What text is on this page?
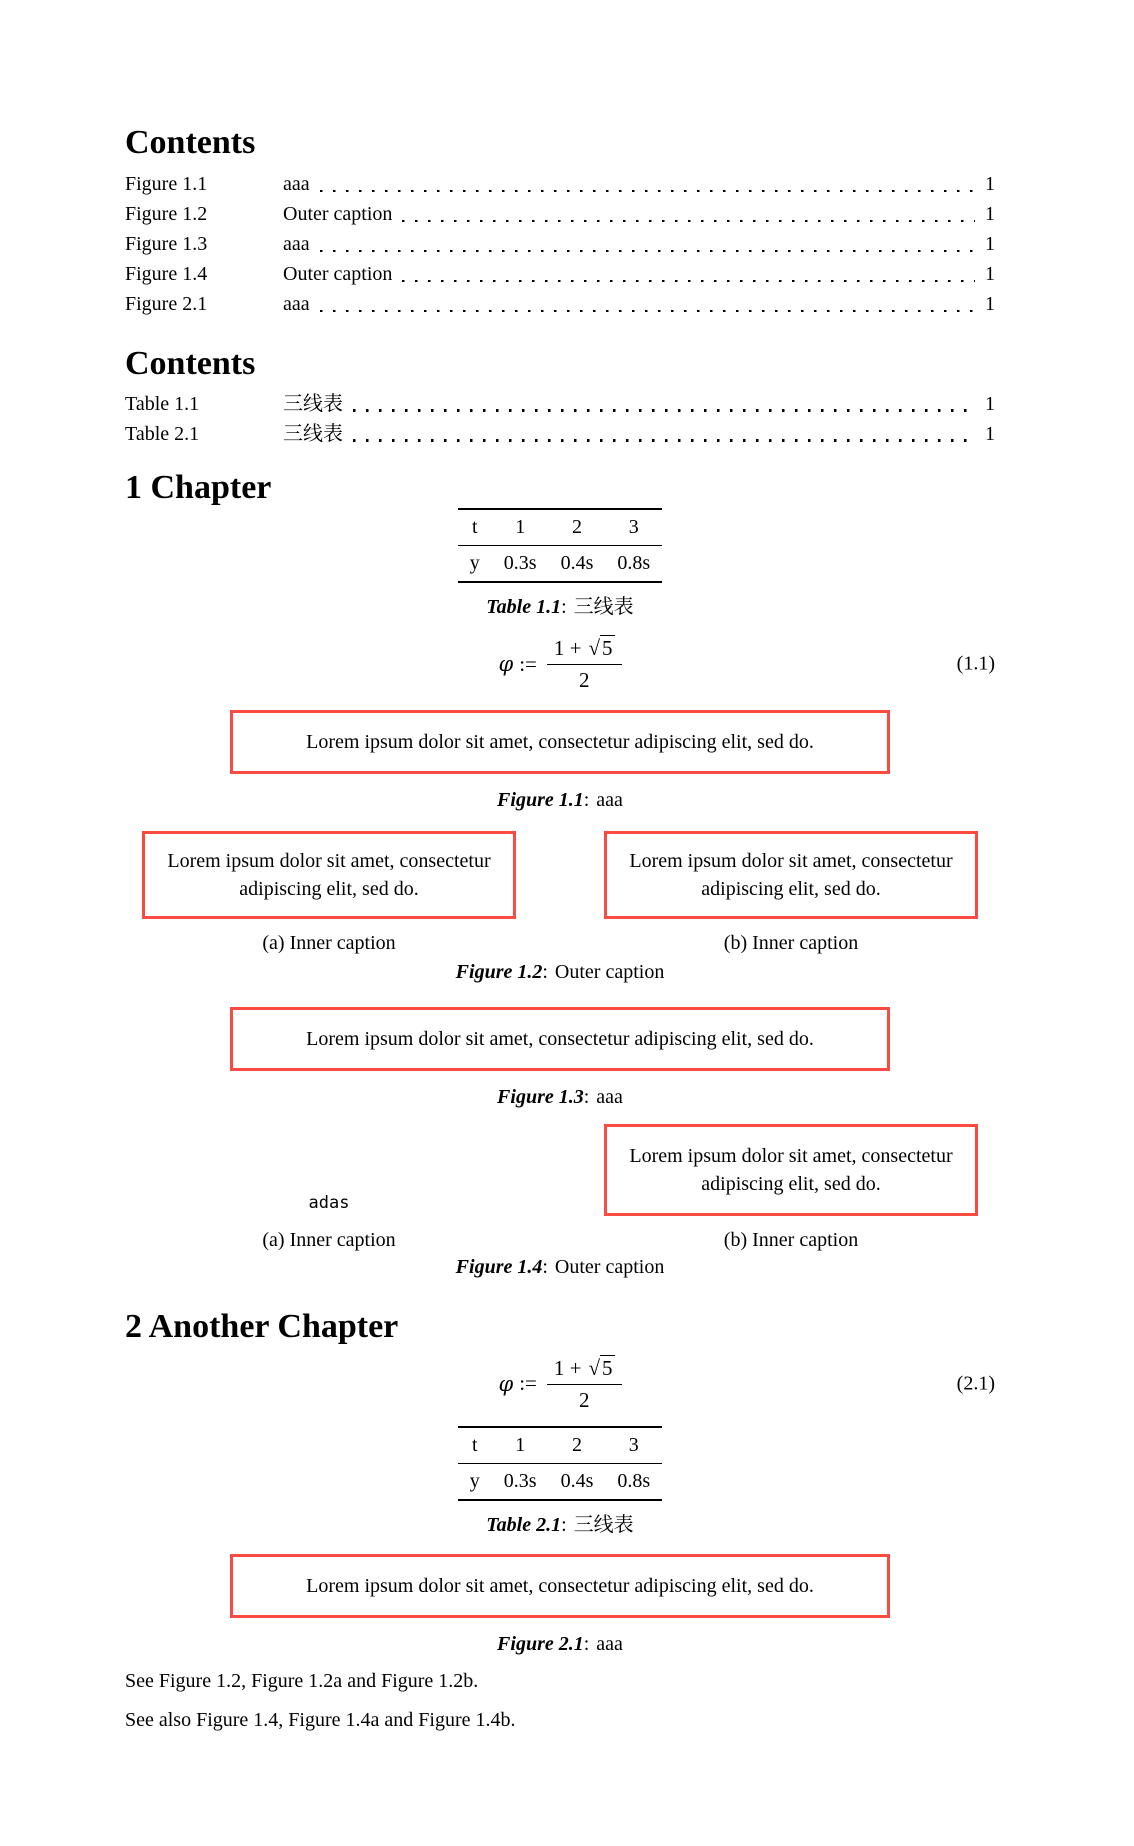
Contents
Figure 1.1	aaa	1
Figure 1.2	Outer caption	1
Figure 1.3	aaa	1
Figure 1.4	Outer caption	1
Figure 2.1	aaa	1
Contents
Table 1.1	三线表	1
Table 2.1	三线表	1
1 Chapter
t	1	2	3
y	0.3s	0.4s	0.8s

Table 1.1: 三线表

φ := $\frac{1 + √5}{2}$	(1.1)
Lorem ipsum dolor sit amet, consectetur adipiscing elit, sed do.
Figure 1.1: aaa
Lorem ipsum dolor sit amet, consectetur adipiscing elit, sed do.
(a) Inner caption
Lorem ipsum dolor sit amet, consectetur adipiscing elit, sed do.
(b) Inner caption
Figure 1.2: Outer caption
Lorem ipsum dolor sit amet, consectetur adipiscing elit, sed do.
Figure 1.3: aaa
adas
(a) Inner caption
Lorem ipsum dolor sit amet, consectetur adipiscing elit, sed do.
(b) Inner caption
Figure 1.4: Outer caption
2 Another Chapter
φ := $\frac{1 + √5}{2}$	(2.1)
t	1	2	3
y	0.3s	0.4s	0.8s

Table 2.1: 三线表

Lorem ipsum dolor sit amet, consectetur adipiscing elit, sed do.
Figure 2.1: aaa

See Figure 1.2, Figure 1.2a and Figure 1.2b.

See also Figure 1.4, Figure 1.4a and Figure 1.4b.
